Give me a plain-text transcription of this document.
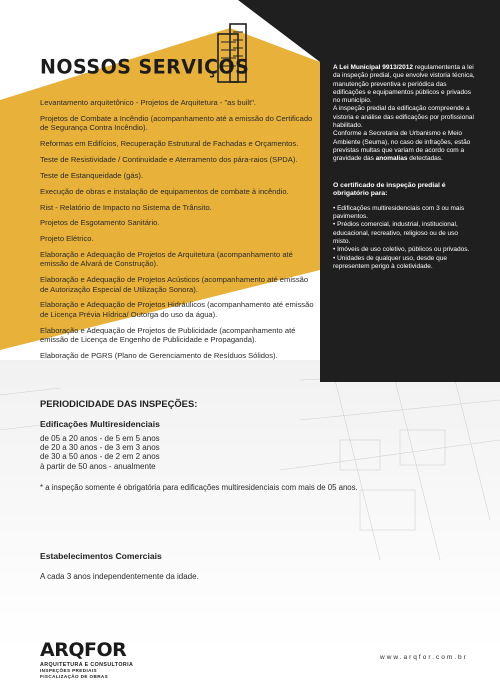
NOSSOS SERVIÇOS
Levantamento arquitetônico - Projetos de Arquitetura - "as built".
Projetos de Combate a Incêndio (acompanhamento até a emissão do Certificado de Segurança Contra Incêndio).
Reformas em Edifícios, Recuperação Estrutural de Fachadas e Orçamentos.
Teste de Resistividade / Continuidade e Aterramento dos pára-raios (SPDA).
Teste de Estanqueidade (gás).
Execução de obras e instalação de equipamentos de combate à incêndio.
Rist - Relatório de Impacto no Sistema de Trânsito.
Projetos de Esgotamento Sanitário.
Projeto Elétrico.
Elaboração e Adequação de Projetos de Arquitetura (acompanhamento até emissão de Alvará de Construção).
Elaboração e Adequação de Projetos Acústicos (acompanhamento até emissão de Autorização Especial de Utilização Sonora).
Elaboração e Adequação de Projetos Hidráulicos (acompanhamento até emissão de Licença Prévia Hídrica/ Outorga do uso da água).
Elaboração e Adequação de Projetos de Publicidade (acompanhamento até emissão de Licença de Engenho de Publicidade e Propaganda).
Elaboração de PGRS (Plano de Gerenciamento de Resíduos Sólidos).

A Lei Municipal 9913/2012 regulamententa a lei da inspeção predial, que envolve vistoria técnica, manutenção preventiva e periódica das edificações e equipamentos públicos e privados no município.

A inspeção predial da edificação compreende a vistoria e análise das edificações por profissional habilitado.

Conforme a Secretaria de Urbanismo e Meio Ambiente (Seuma), no caso de infrações, estão previstas multas que variam de acordo com a gravidade das anomalias detectadas.

O certificado de inspeção predial é obrigatório para:
• Edificações multiresidenciais com 3 ou mais pavimentos.
• Prédios comercial, industrial, institucional, educacional, recreativo, religioso ou de uso misto.
• Imóveis de uso coletivo, públicos ou privados.
• Unidades de qualquer uso, desde que representem perigo à coletividade.
PERIODICIDADE DAS INSPEÇÕES:
Edificações Multiresidenciais
de 05 a 20 anos - de 5 em 5 anos
de 20 a 30 anos - de 3 em 3 anos
de 30 a 50 anos - de 2 em 2 anos
à partir de 50 anos - anualmente
* a inspeção somente é obrigatória para edificações multiresidenciais com mais de 05 anos.
Estabelecimentos Comerciais
A cada 3 anos independentemente da idade.
ARQFOR
ARQUITETURA E CONSULTORIA
INSPEÇÕES PREDIAIS
FISCALIZAÇÃO DE OBRAS
www.arqfor.com.br
